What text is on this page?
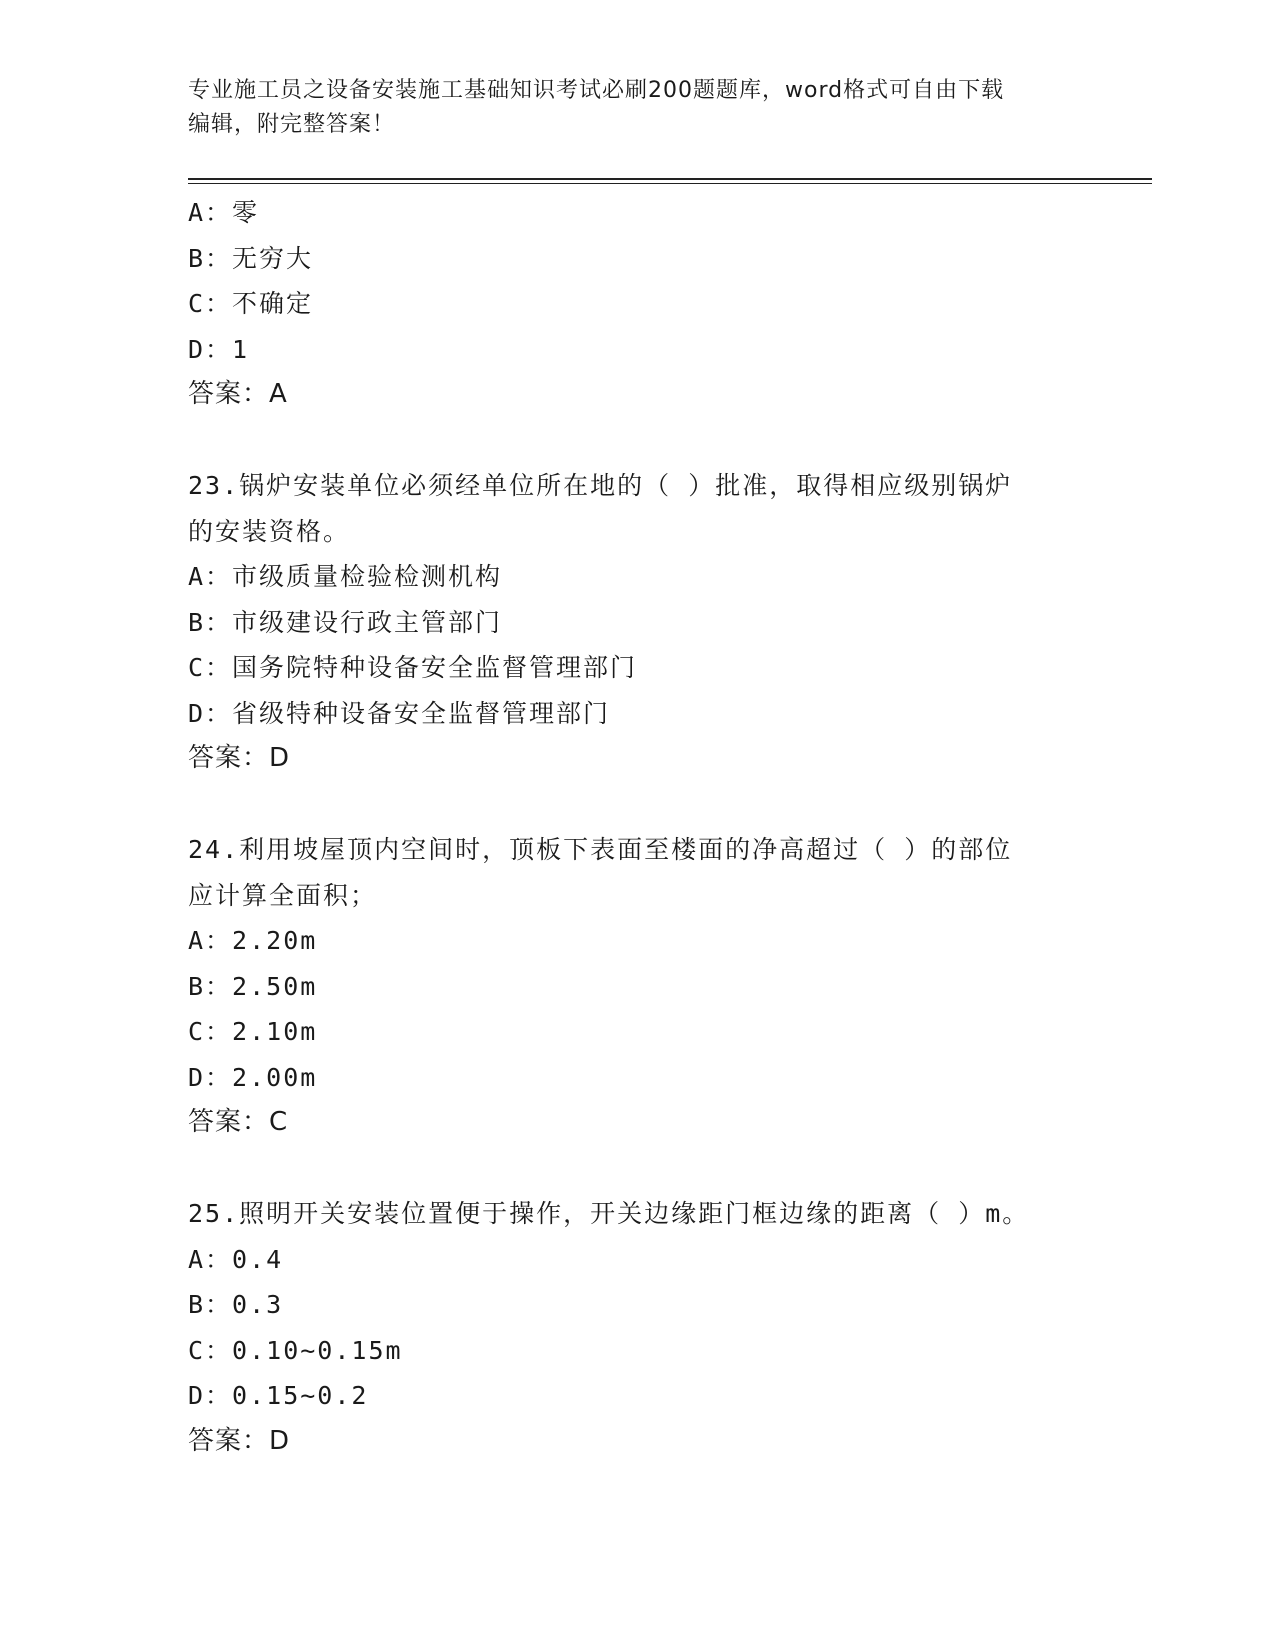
专业施工员之设备安装施工基础知识考试必刷200题题库，word格式可自由下载
编辑，附完整答案！
A：零
B：无穷大
C：不确定
D：1
答案：A
23.锅炉安装单位必须经单位所在地的（ ）批准，取得相应级别锅炉
的安装资格。
A：市级质量检验检测机构
B：市级建设行政主管部门
C：国务院特种设备安全监督管理部门
D：省级特种设备安全监督管理部门
答案：D
24.利用坡屋顶内空间时，顶板下表面至楼面的净高超过（ ）的部位
应计算全面积；
A：2.20m
B：2.50m
C：2.10m
D：2.00m
答案：C
25.照明开关安装位置便于操作，开关边缘距门框边缘的距离（ ）m。
A：0.4
B：0.3
C：0.10~0.15m
D：0.15~0.2
答案：D
